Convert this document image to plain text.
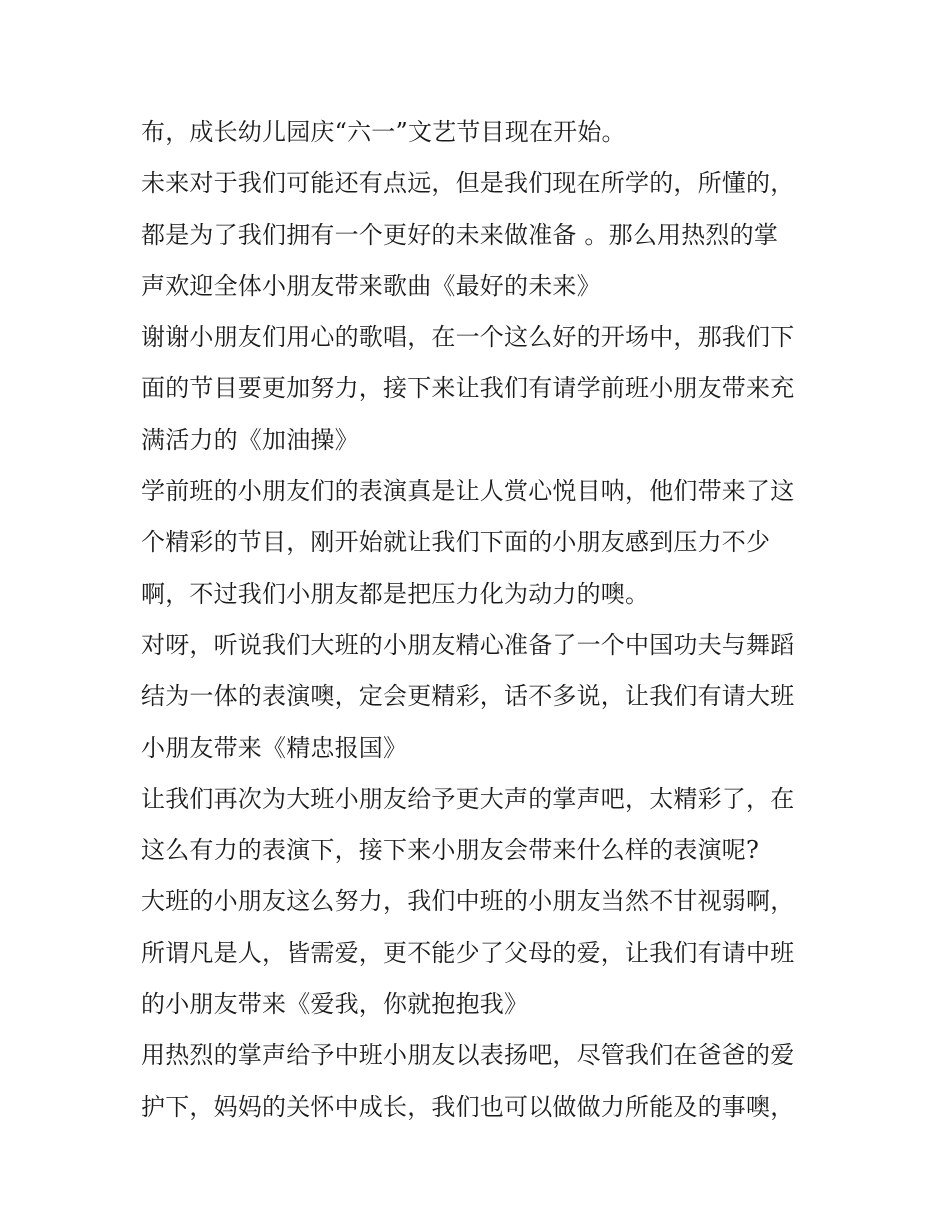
布，成长幼儿园庆“六一”文艺节目现在开始。
未来对于我们可能还有点远，但是我们现在所学的，所懂的，
都是为了我们拥有一个更好的未来做准备 。那么用热烈的掌
声欢迎全体小朋友带来歌曲《最好的未来》
谢谢小朋友们用心的歌唱，在一个这么好的开场中，那我们下
面的节目要更加努力，接下来让我们有请学前班小朋友带来充
满活力的《加油操》
学前班的小朋友们的表演真是让人赏心悦目呐，他们带来了这
个精彩的节目，刚开始就让我们下面的小朋友感到压力不少
啊，不过我们小朋友都是把压力化为动力的噢。
对呀，听说我们大班的小朋友精心准备了一个中国功夫与舞蹈
结为一体的表演噢，定会更精彩，话不多说，让我们有请大班
小朋友带来《精忠报国》
让我们再次为大班小朋友给予更大声的掌声吧，太精彩了，在
这么有力的表演下，接下来小朋友会带来什么样的表演呢?
大班的小朋友这么努力，我们中班的小朋友当然不甘视弱啊，
所谓凡是人，皆需爱，更不能少了父母的爱，让我们有请中班
的小朋友带来《爱我，你就抱抱我》
用热烈的掌声给予中班小朋友以表扬吧，尽管我们在爸爸的爱
护下，妈妈的关怀中成长，我们也可以做做力所能及的事噢，
